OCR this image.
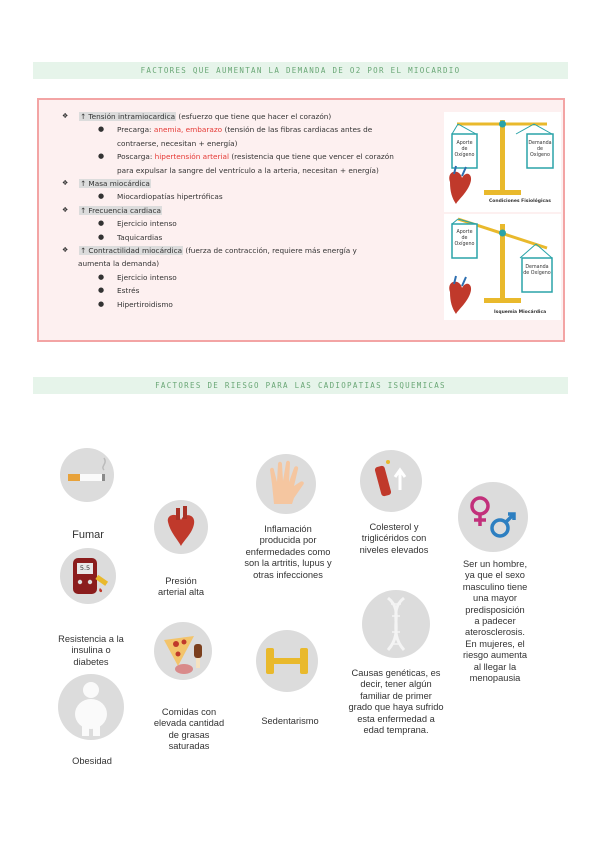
FACTORES QUE AUMENTAN LA DEMANDA DE O2 POR EL MIOCARDIO
❖ ↑ Tensión intramiocardica (esfuerzo que tiene que hacer el corazón)
● Precarga: anemia, embarazo (tensión de las fibras cardiacas antes de
contraerse, necesitan + energía)
● Poscarga: hipertensión arterial (resistencia que tiene que vencer el corazón
para expulsar la sangre del ventrículo a la arteria, necesitan + energía)
❖ ↑ Masa miocárdica
● Miocardiopatías hipertróficas
❖ ↑ Frecuencia cardiaca
● Ejercicio intenso
● Taquicardias
❖ ↑ Contractilidad miocárdica (fuerza de contracción, requiere más energía y
aumenta la demanda)
● Ejercicio intenso
● Estrés
● Hipertiroidismo
Aporte de Oxígeno
Demanda de Oxígeno
Condiciones Fisiológicas
Aporte de Oxígeno
Demanda de Oxígeno
Isquemia Miocárdica
FACTORES DE RIESGO PARA LAS CADIOPATIAS ISQUEMICAS
Fumar
Presión arterial alta
Inflamación producida por enfermedades como son la artritis, lupus y otras infecciones
Colesterol y triglicéridos con niveles elevados
Ser un hombre, ya que el sexo masculino tiene una mayor predisposición a padecer aterosclerosis. En mujeres, el riesgo aumenta al llegar la menopausia
5.5
Resistencia a la insulina o diabetes
Comidas con elevada cantidad de grasas saturadas
Sedentarismo
Causas genéticas, es decir, tener algún familiar de primer grado que haya sufrido esta enfermedad a edad temprana.
Obesidad
